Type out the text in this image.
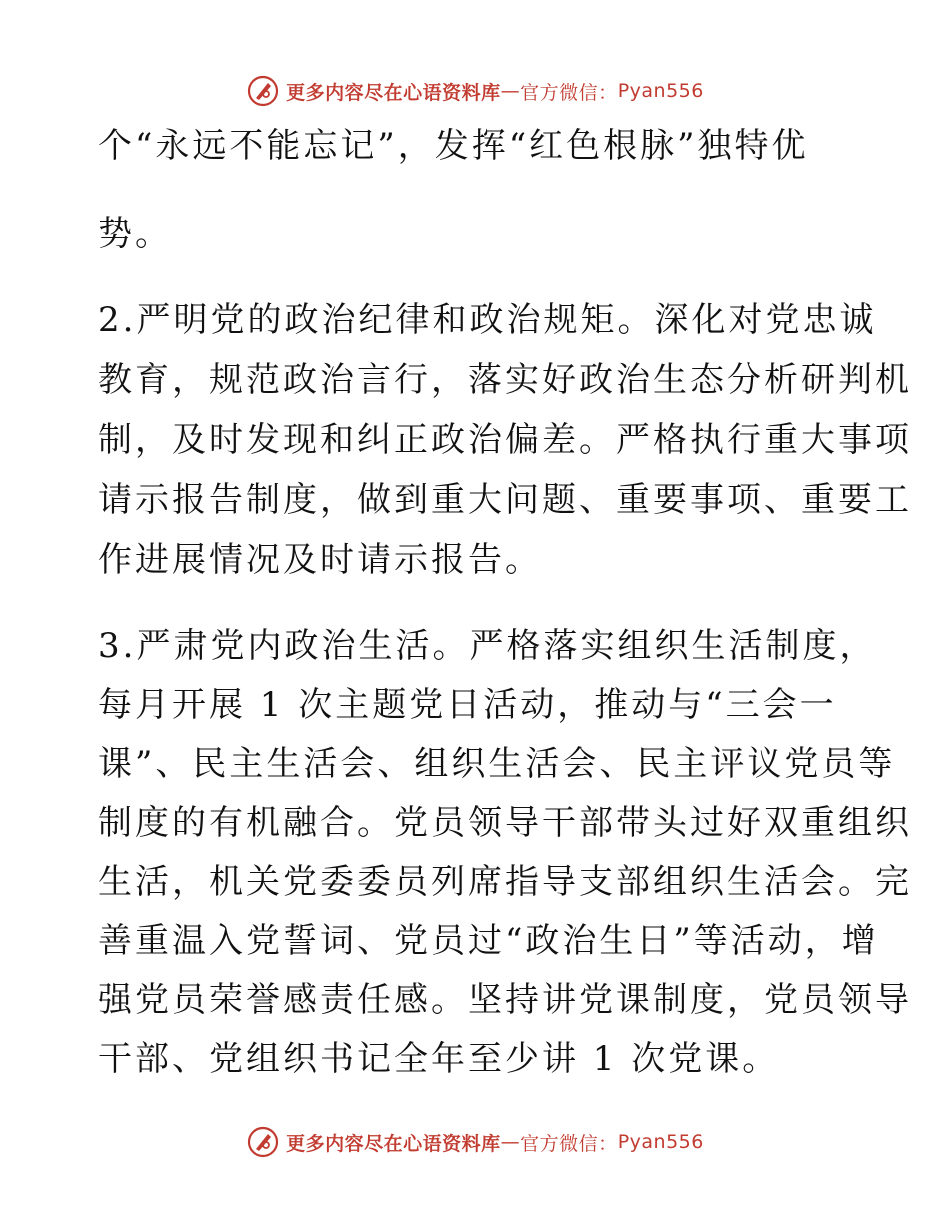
更多内容尽在心语资料库 — 官方微信： Pyan556
个“永远不能忘记”，发挥“红色根脉”独特优
势。
2.严明党的政治纪律和政治规矩。深化对党忠诚
教育，规范政治言行，落实好政治生态分析研判机
制，及时发现和纠正政治偏差。严格执行重大事项
请示报告制度，做到重大问题、重要事项、重要工
作进展情况及时请示报告。
3.严肃党内政治生活。严格落实组织生活制度，
每月开展 1 次主题党日活动，推动与“三会一
课”、民主生活会、组织生活会、民主评议党员等
制度的有机融合。党员领导干部带头过好双重组织
生活，机关党委委员列席指导支部组织生活会。完
善重温入党誓词、党员过“政治生日”等活动，增
强党员荣誉感责任感。坚持讲党课制度，党员领导
干部、党组织书记全年至少讲 1 次党课。
更多内容尽在心语资料库 — 官方微信： Pyan556
